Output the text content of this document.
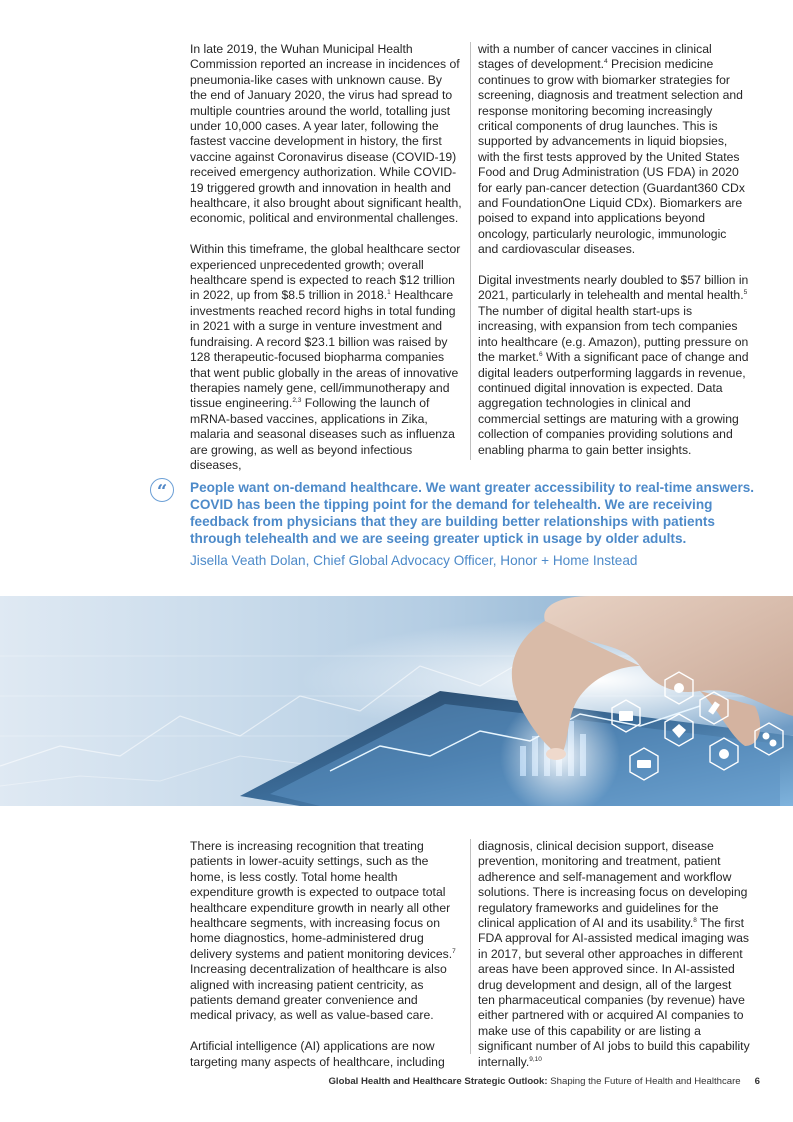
In late 2019, the Wuhan Municipal Health Commission reported an increase in incidences of pneumonia-like cases with unknown cause. By the end of January 2020, the virus had spread to multiple countries around the world, totalling just under 10,000 cases. A year later, following the fastest vaccine development in history, the first vaccine against Coronavirus disease (COVID-19) received emergency authorization. While COVID-19 triggered growth and innovation in health and healthcare, it also brought about significant health, economic, political and environmental challenges.

Within this timeframe, the global healthcare sector experienced unprecedented growth; overall healthcare spend is expected to reach $12 trillion in 2022, up from $8.5 trillion in 2018.$^1$ Healthcare investments reached record highs in total funding in 2021 with a surge in venture investment and fundraising. A record $23.1 billion was raised by 128 therapeutic-focused biopharma companies that went public globally in the areas of innovative therapies namely gene, cell/immunotherapy and tissue engineering.$^{2,3}$ Following the launch of mRNA-based vaccines, applications in Zika, malaria and seasonal diseases such as influenza are growing, as well as beyond infectious diseases,

with a number of cancer vaccines in clinical stages of development.$^4$ Precision medicine continues to grow with biomarker strategies for screening, diagnosis and treatment selection and response monitoring becoming increasingly critical components of drug launches. This is supported by advancements in liquid biopsies, with the first tests approved by the United States Food and Drug Administration (US FDA) in 2020 for early pan-cancer detection (Guardant360 CDx and FoundationOne Liquid CDx). Biomarkers are poised to expand into applications beyond oncology, particularly neurologic, immunologic and cardiovascular diseases.

Digital investments nearly doubled to $57 billion in 2021, particularly in telehealth and mental health.$^5$ The number of digital health start-ups is increasing, with expansion from tech companies into healthcare (e.g. Amazon), putting pressure on the market.$^6$ With a significant pace of change and digital leaders outperforming laggards in revenue, continued digital innovation is expected. Data aggregation technologies in clinical and commercial settings are maturing with a growing collection of companies providing solutions and enabling pharma to gain better insights.

“	People want on-demand healthcare. We want greater accessibility to real-time answers. COVID has been the tipping point for the demand for telehealth. We are receiving feedback from physicians that they are building better relationships with patients through telehealth and we are seeing greater uptick in usage by older adults.
Jisella Veath Dolan, Chief Global Advocacy Officer, Honor + Home Instead

There is increasing recognition that treating patients in lower-acuity settings, such as the home, is less costly. Total home health expenditure growth is expected to outpace total healthcare expenditure growth in nearly all other healthcare segments, with increasing focus on home diagnostics, home-administered drug delivery systems and patient monitoring devices.$^7$ Increasing decentralization of healthcare is also aligned with increasing patient centricity, as patients demand greater convenience and medical privacy, as well as value-based care.

Artificial intelligence (AI) applications are now targeting many aspects of healthcare, including

diagnosis, clinical decision support, disease prevention, monitoring and treatment, patient adherence and self-management and workflow solutions. There is increasing focus on developing regulatory frameworks and guidelines for the clinical application of AI and its usability.$^8$ The first FDA approval for AI-assisted medical imaging was in 2017, but several other approaches in different areas have been approved since. In AI-assisted drug development and design, all of the largest ten pharmaceutical companies (by revenue) have either partnered with or acquired AI companies to make use of this capability or are listing a significant number of AI jobs to build this capability internally.$^{9,10}$

Global Health and Healthcare Strategic Outlook: Shaping the Future of Health and Healthcare 6
